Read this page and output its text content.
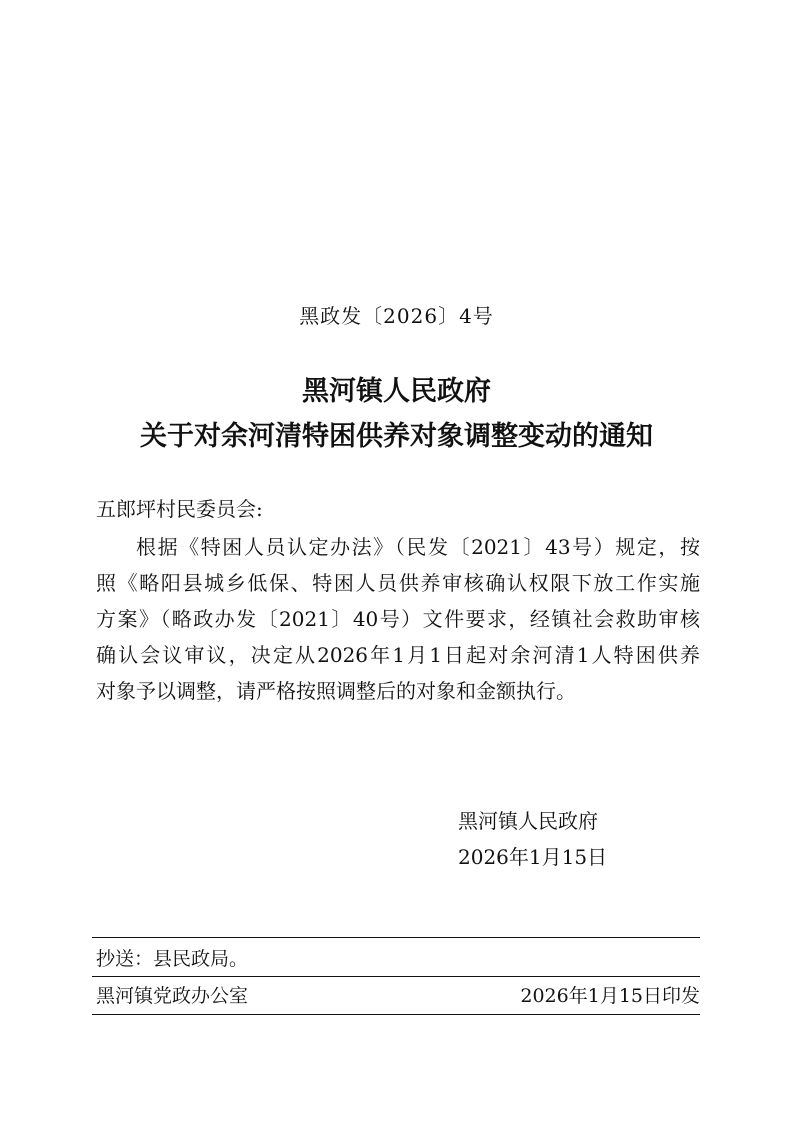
黑政发〔2026〕4号
黑河镇人民政府
关于对余河清特困供养对象调整变动的通知
五郎坪村民委员会:
根据《特困人员认定办法》（民发〔2021〕43号）规定，按
照《略阳县城乡低保、特困人员供养审核确认权限下放工作实施
方案》（略政办发〔2021〕40号）文件要求，经镇社会救助审核
确认会议审议，决定从2026年1月1日起对余河清1人特困供养
对象予以调整，请严格按照调整后的对象和金额执行。
黑河镇人民政府
2026年1月15日
抄送：县民政局。
黑河镇党政办公室	2026年1月15日印发
